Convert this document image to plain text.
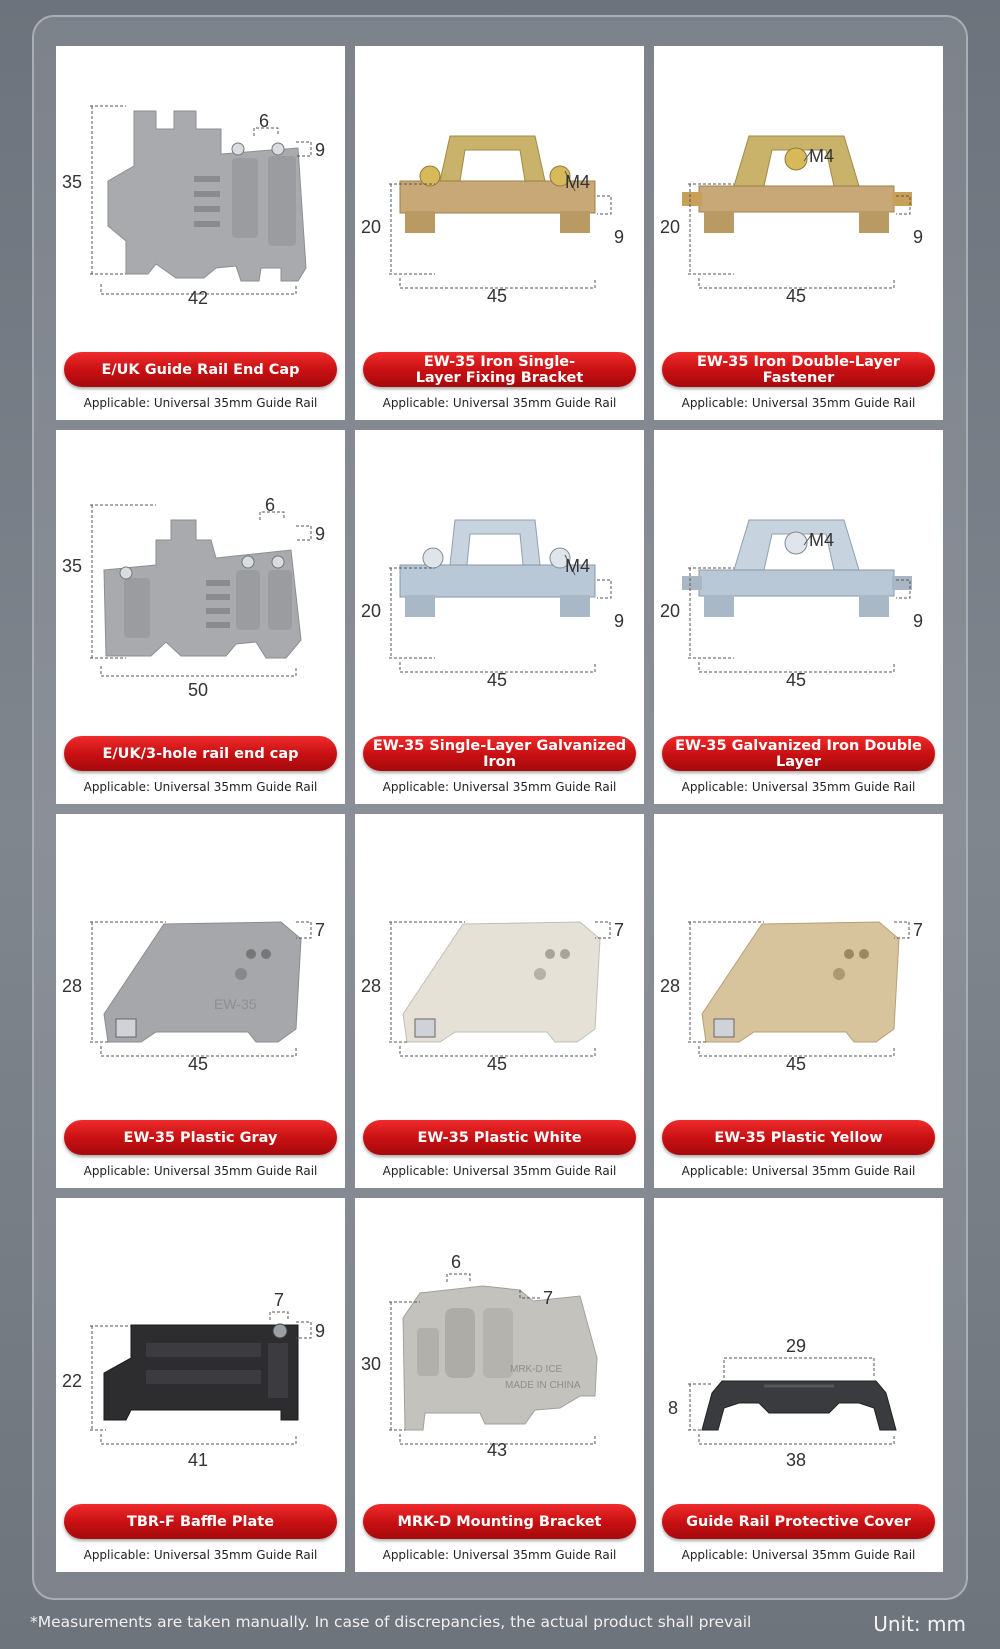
35
42
6
9
E/UK Guide Rail End Cap
Applicable: Universal 35mm Guide Rail
20
45
M4
9
EW-35 Iron Single-Layer Fixing Bracket
Applicable: Universal 35mm Guide Rail
20
45
M4
9
EW-35 Iron Double-Layer Fastener
Applicable: Universal 35mm Guide Rail
35
50
6
9
E/UK/3-hole rail end cap
Applicable: Universal 35mm Guide Rail
20
45
M4
9
EW-35 Single-Layer Galvanized Iron
Applicable: Universal 35mm Guide Rail
20
45
M4
9
EW-35 Galvanized Iron Double Layer
Applicable: Universal 35mm Guide Rail
EW-35
28
45
7
EW-35 Plastic Gray
Applicable: Universal 35mm Guide Rail
28
45
7
EW-35 Plastic White
Applicable: Universal 35mm Guide Rail
28
45
7
EW-35 Plastic Yellow
Applicable: Universal 35mm Guide Rail
22
41
7
9
TBR-F Baffle Plate
Applicable: Universal 35mm Guide Rail
MRK-D ICE
MADE IN CHINA
30
43
6
7
MRK-D Mounting Bracket
Applicable: Universal 35mm Guide Rail
8
38
29
Guide Rail Protective Cover
Applicable: Universal 35mm Guide Rail
*Measurements are taken manually. In case of discrepancies, the actual product shall prevail	Unit: mm
